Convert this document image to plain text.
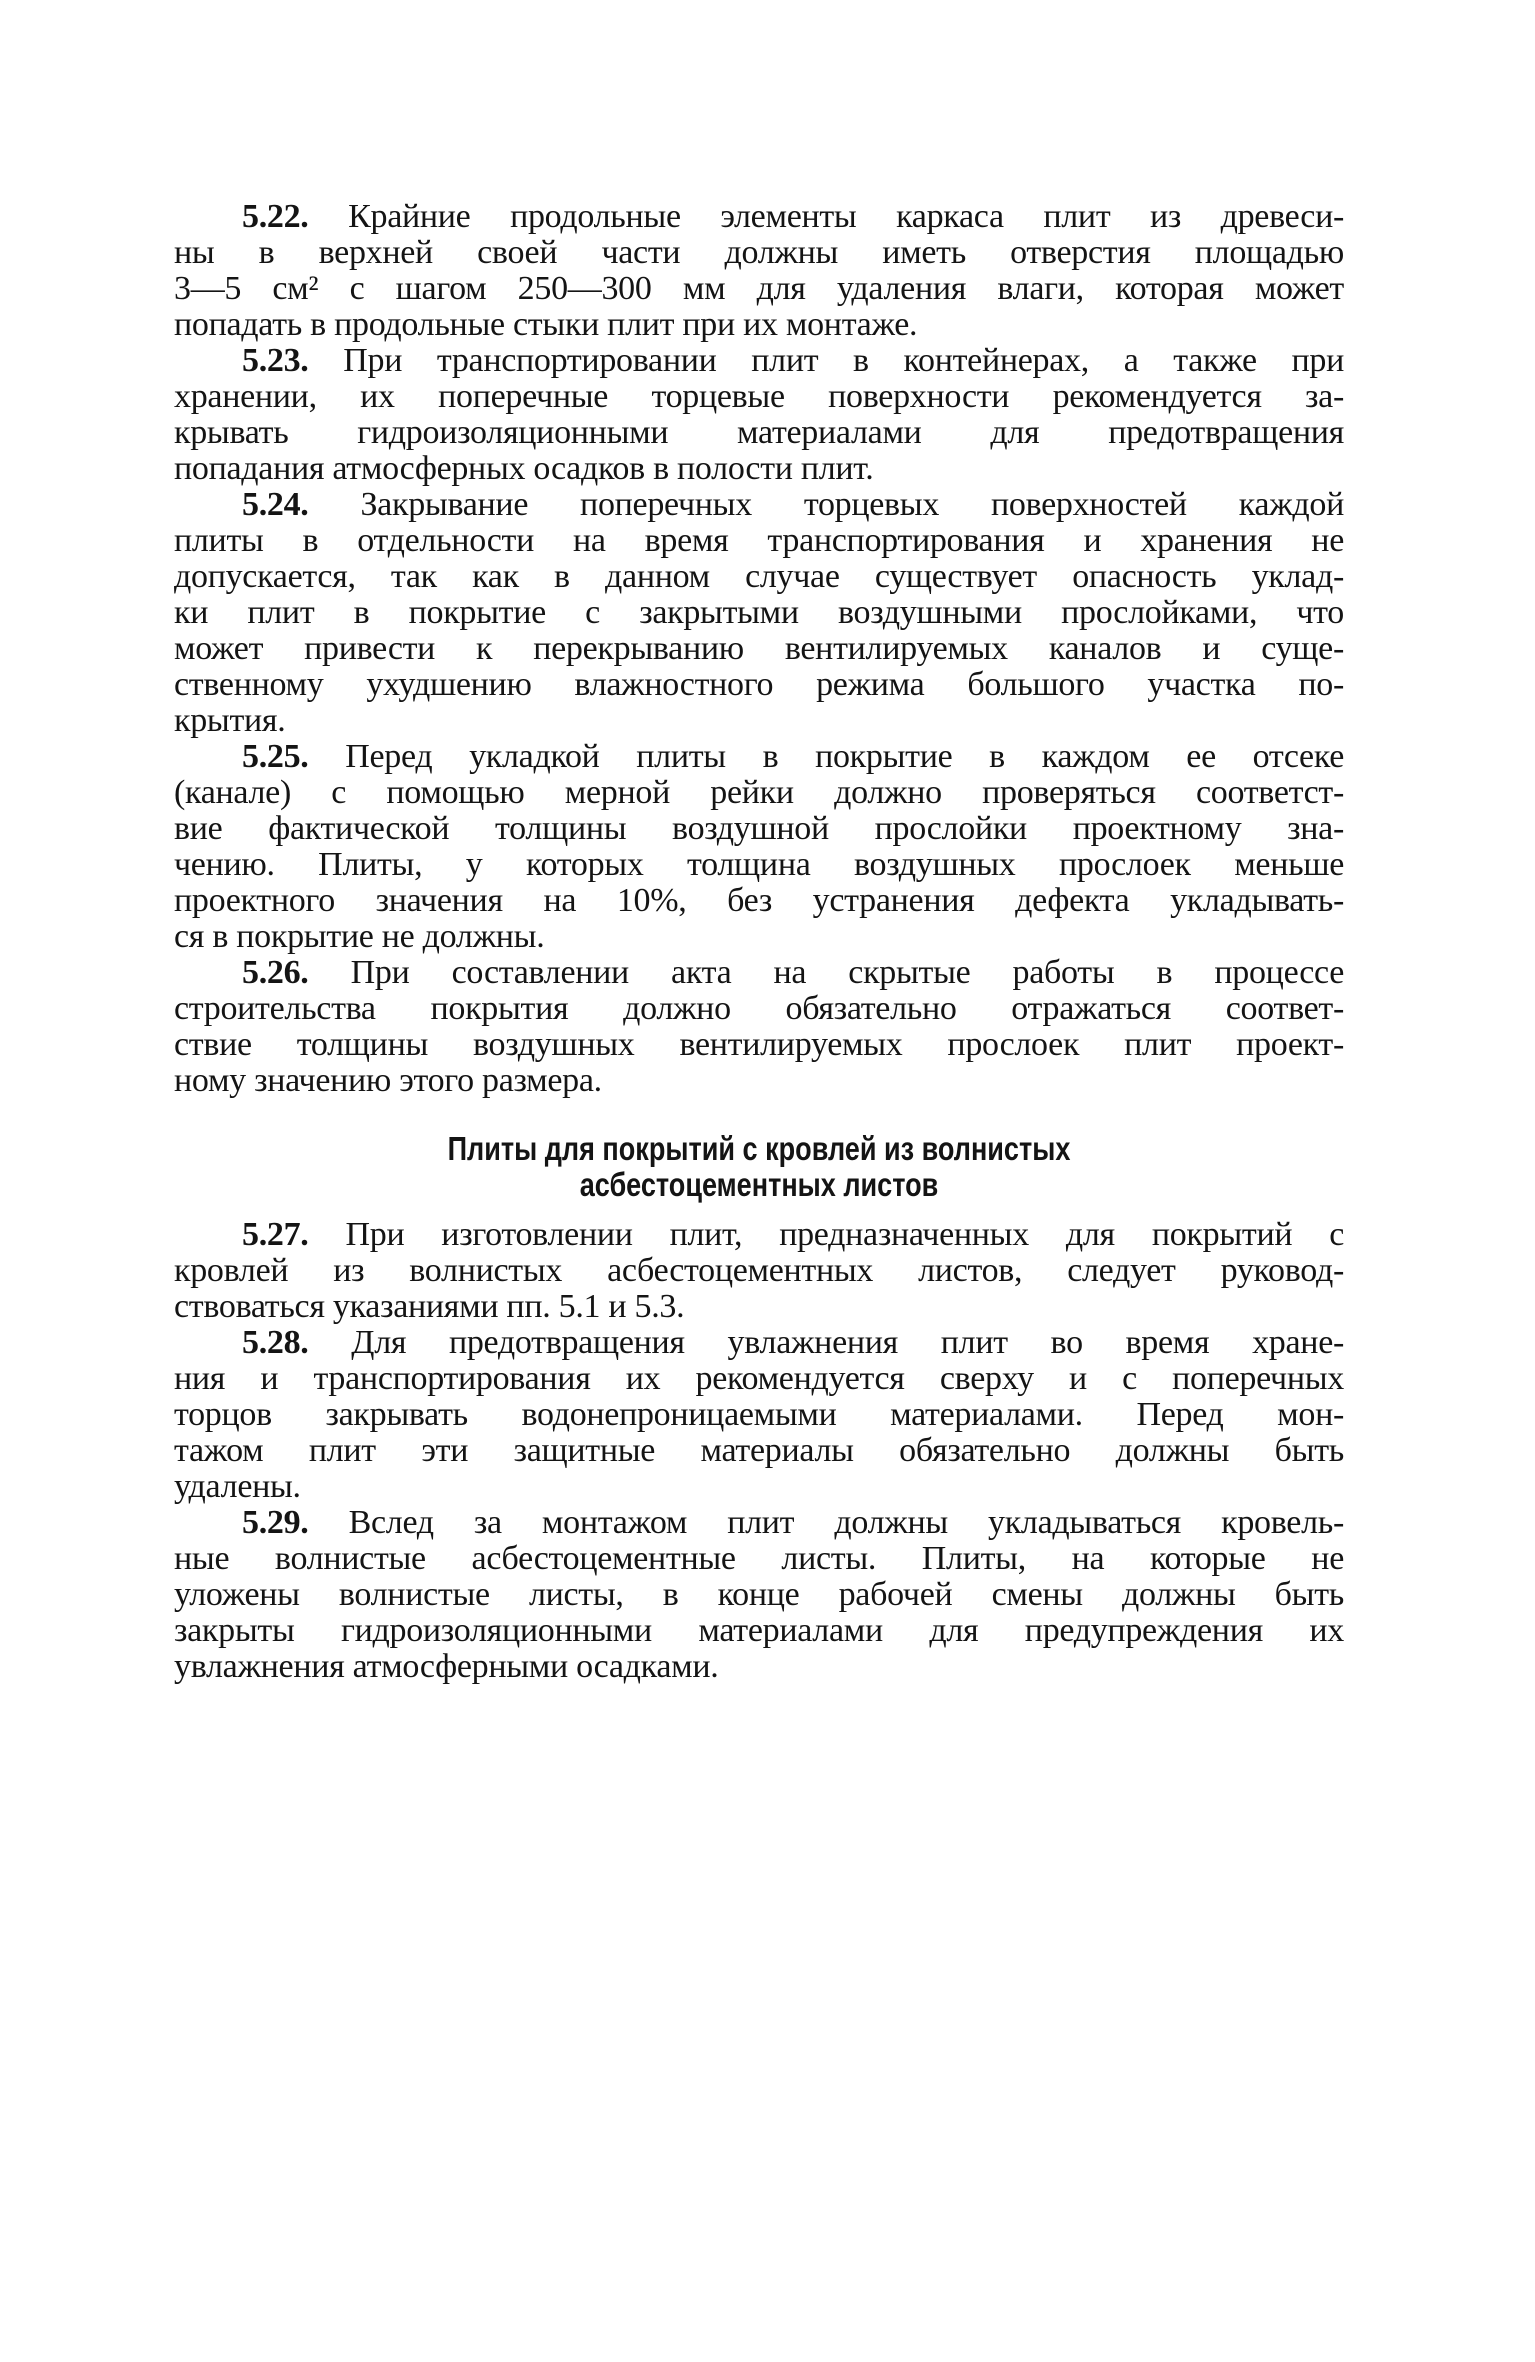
5.22. Крайние продольные элементы каркаса плит из древеси-
ны в верхней своей части должны иметь отверстия площадью
3—5 см² с шагом 250—300 мм для удаления влаги, которая может
попадать в продольные стыки плит при их монтаже.
5.23. При транспортировании плит в контейнерах, а также при
хранении, их поперечные торцевые поверхности рекомендуется за-
крывать гидроизоляционными материалами для предотвращения
попадания атмосферных осадков в полости плит.
5.24. Закрывание поперечных торцевых поверхностей каждой
плиты в отдельности на время транспортирования и хранения не
допускается, так как в данном случае существует опасность уклад-
ки плит в покрытие с закрытыми воздушными прослойками, что
может привести к перекрыванию вентилируемых каналов и суще-
ственному ухудшению влажностного режима большого участка по-
крытия.
5.25. Перед укладкой плиты в покрытие в каждом ее отсеке
(канале) с помощью мерной рейки должно проверяться соответст-
вие фактической толщины воздушной прослойки проектному зна-
чению. Плиты, у которых толщина воздушных прослоек меньше
проектного значения на 10%, без устранения дефекта укладывать-
ся в покрытие не должны.
5.26. При составлении акта на скрытые работы в процессе
строительства покрытия должно обязательно отражаться соответ-
ствие толщины воздушных вентилируемых прослоек плит проект-
ному значению этого размера.
Плиты для покрытий с кровлей из волнистых
асбестоцементных листов
5.27. При изготовлении плит, предназначенных для покрытий с
кровлей из волнистых асбестоцементных листов, следует руковод-
ствоваться указаниями пп. 5.1 и 5.3.
5.28. Для предотвращения увлажнения плит во время хране-
ния и транспортирования их рекомендуется сверху и с поперечных
торцов закрывать водонепроницаемыми материалами. Перед мон-
тажом плит эти защитные материалы обязательно должны быть
удалены.
5.29. Вслед за монтажом плит должны укладываться кровель-
ные волнистые асбестоцементные листы. Плиты, на которые не
уложены волнистые листы, в конце рабочей смены должны быть
закрыты гидроизоляционными материалами для предупреждения их
увлажнения атмосферными осадками.
